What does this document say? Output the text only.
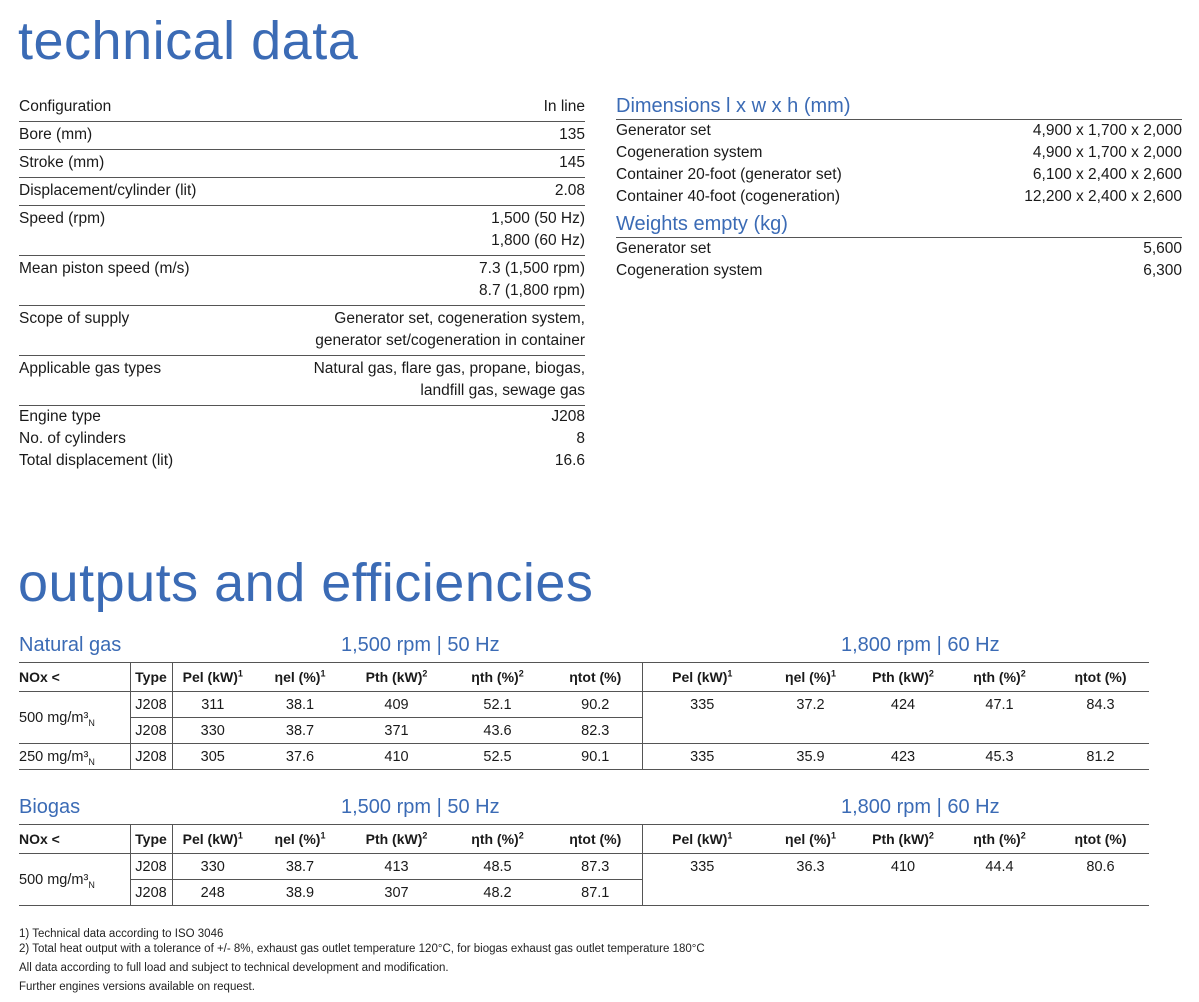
technical data
Configuration	In line
Bore (mm)	135
Stroke (mm)	145
Displacement/cylinder (lit)	2.08
Speed (rpm)	1,500 (50 Hz)
1,800 (60 Hz)
Mean piston speed (m/s)	7.3 (1,500 rpm)
8.7 (1,800 rpm)
Scope of supply	Generator set, cogeneration system,
generator set/cogeneration in container
Applicable gas types	Natural gas, flare gas, propane, biogas,
landfill gas, sewage gas
Engine type	J208
No. of cylinders	8
Total displacement (lit)	16.6
Dimensions l x w x h (mm)
Generator set	4,900 x 1,700 x 2,000
Cogeneration system	4,900 x 1,700 x 2,000
Container 20-foot (generator set)	6,100 x 2,400 x 2,600
Container 40-foot (cogeneration)	12,200 x 2,400 x 2,600
Weights empty (kg)
Generator set	5,600
Cogeneration system	6,300
outputs and efficiencies
Natural gas	1,500 rpm | 50 Hz	1,800 rpm | 60 Hz
NOx <	Type	Pel (kW)$^1$	ηel (%)$^1$	Pth (kW)$^2$	ηth (%)$^2$	ηtot (%)	Pel (kW)$^1$	ηel (%)$^1$	Pth (kW)$^2$	ηth (%)$^2$	ηtot (%)
500 $mg/m^3_N$	J208	311	38.1	409	52.1	90.2	335	37.2	424	47.1	84.3
	J208	330	38.7	371	43.6	82.3					
250 $mg/m^3_N$	J208	305	37.6	410	52.5	90.1	335	35.9	423	45.3	81.2
Biogas	1,500 rpm | 50 Hz	1,800 rpm | 60 Hz
NOx <	Type	Pel (kW)$^1$	ηel (%)$^1$	Pth (kW)$^2$	ηth (%)$^2$	ηtot (%)	Pel (kW)$^1$	ηel (%)$^1$	Pth (kW)$^2$	ηth (%)$^2$	ηtot (%)
500 $mg/m^3_N$	J208	330	38.7	413	48.5	87.3	335	36.3	410	44.4	80.6
	J208	248	38.9	307	48.2	87.1					
1) Technical data according to ISO 3046
2) Total heat output with a tolerance of +/- 8%, exhaust gas outlet temperature 120°C, for biogas exhaust gas outlet temperature 180°C
All data according to full load and subject to technical development and modification.
Further engines versions available on request.
